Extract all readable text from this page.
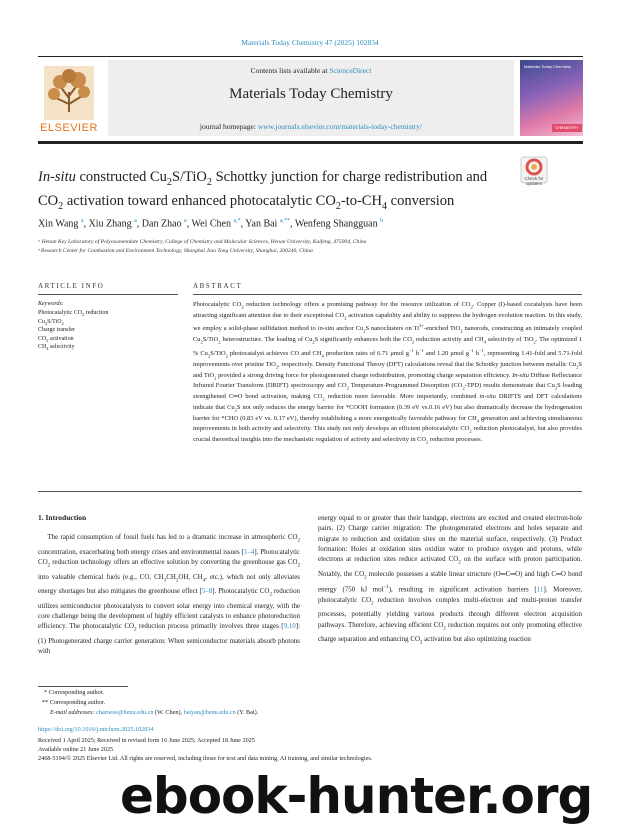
Materials Today Chemistry 47 (2025) 102834
ELSEVIER
Contents lists available at ScienceDirect
Materials Today Chemistry
journal homepage: www.journals.elsevier.com/materials-today-chemistry/
Materials Today Chemistry
CHEMISTRY
In-situ constructed $Cu_2S/TiO_2$ Schottky junction for charge redistribution and $CO_2$ activation toward enhanced photocatalytic $CO_2-to-CH_4$ conversion
Check for updates
Xin Wang $^a$, Xiu Zhang $^a$, Dan Zhao $^a$, Wei Chen $^{a,*}$, Yan Bai $^{a,**}$, Wenfeng Shangguan $^b$
ᵃ Henan Key Laboratory of Polyoxometalate Chemistry, College of Chemistry and Molecular Sciences, Henan University, Kaifeng, 475004, China
ᵇ Research Center for Combustion and Environment Technology, Shanghai Jiao Tong University, Shanghai, 200240, China
ARTICLE INFO	ABSTRACT
Keywords:
Photocatalytic $CO_2$ reduction
$Cu_2S/TiO_2$
Charge transfer
$CO_2$ activation
$CH_4$ selectivity
Photocatalytic $CO_2$ reduction technology offers a promising pathway for the resource utilization of $CO_2$. Copper (I)-based cocatalysts have been attracting significant attention due to their exceptional $CO_2$ activation capability and ability to suppress the hydrogen evolution reaction. In this study, we employ a solid-phase sulfidation method to in-situ anchor $Cu_2S$ nanoclusters on $Ti^{3+}$-enriched TiO$_2$ nanorods, constructing an intimately coupled $Cu_2S/TiO_2$ heterostructure. The loading of $Cu_2S$ significantly enhances both the $CO_2$ reduction activity and $CH_4$ selectivity of TiO$_2$. The optimized 1 % $Cu_2S/TiO_2$ photocatalyst achieves CO and $CH_4$ production rates of 6.71 μmol $g^{-1}$ $h^{-1}$ and 1.20 μmol $g^{-1}$ $h^{-1}$, representing 1.41-fold and 5.71-fold improvements over pristine TiO$_2$, respectively. Density Functional Theory (DFT) calculations reveal that the Schottky junction between metallic $Cu_2S$ and TiO$_2$ provided a strong driving force for photogenerated charge redistribution, promoting charge separation efficiency. In-situ Diffuse Reflectance Infrared Fourier Transform (DRIFT) spectroscopy and $CO_2$ Temperature-Programmed Desorption $(CO_2-TPD)$ results demonstrate that $Cu_2S$ loading strengthened C═O bond activation, making $CO_2$ reduction more favorable. More importantly, combined in-situ DRIFTS and DFT calculations indicate that $Cu_2S$ not only reduces the energy barrier for *COOH formation (0.39 eV vs.0.16 eV) but also dramatically decrease the hydrogenation barrier for *CHO (0.83 eV vs. 0.17 eV), thereby establishing a more energetically favorable pathway for $CH_4$ generation and achieving simultaneous improvements in both activity and selectivity. This study not only develops an efficient photocatalytic $CO_2$ reduction photocatalyst, but also provides crucial theoretical insights into the mechanistic regulation of activity and selectivity in $CO_2$ reduction processes.
1. Introduction
The rapid consumption of fossil fuels has led to a dramatic increase in atmospheric $CO_2$ concentration, exacerbating both energy crises and environmental issues [1–4]. Photocatalytic $CO_2$ reduction technology offers an effective solution by converting the greenhouse gas $CO_2$ into valuable chemical fuels (e.g., CO, $CH_3CH_2OH$, $CH_4$, etc.), which not only alleviates energy shortages but also mitigates the greenhouse effect [5–8]. Photocatalytic $CO_2$ reduction utilizes semiconductor photocatalysts to convert solar energy into chemical energy, with the core challenge being the development of highly efficient catalysts to enhance photoreduction efficiency. The photocatalytic $CO_2$ reduction process primarily involves three stages [9,10]: (1) Photogenerated charge carrier generation: When semiconductor materials absorb photons with
energy equal to or greater than their bandgap, electrons are excited and created electron-hole pairs. (2) Charge carrier migration: The photogenerated electrons and holes separate and migrate to reduction and oxidation sites on the material surface, respectively. (3) Product formation: Holes at oxidation sites oxidize water to produce oxygen and protons, while electrons at reduction sites reduce activated $CO_2$ on the surface with proton participation. Notably, the $CO_2$ molecule possesses a stable linear structure (O═C═O) and high C═O bond energy (750 kJ mol$^{-1}$), resulting in significant activation barriers [11]. Moreover, photocatalytic $CO_2$ reduction involves complex multi-electron and multi-proton transfer processes, potentially yielding various products through different electron acquisition pathways. Therefore, achieving efficient $CO_2$ reduction requires not only promoting effective charge separation and enhancing $CO_2$ activation but also optimizing reaction
* Corresponding author.
** Corresponding author.
E-mail addresses: chanwee@henu.edu.cn (W. Chen), baiyan@henu.edu.cn (Y. Bai).
https://doi.org/10.1016/j.mtchem.2025.102834
Received 1 April 2025; Received in revised form 16 June 2025; Accepted 18 June 2025
Available online 21 June 2025
2468-5194/© 2025 Elsevier Ltd. All rights are reserved, including those for text and data mining, AI training, and similar technologies.
ebook-hunter.org
